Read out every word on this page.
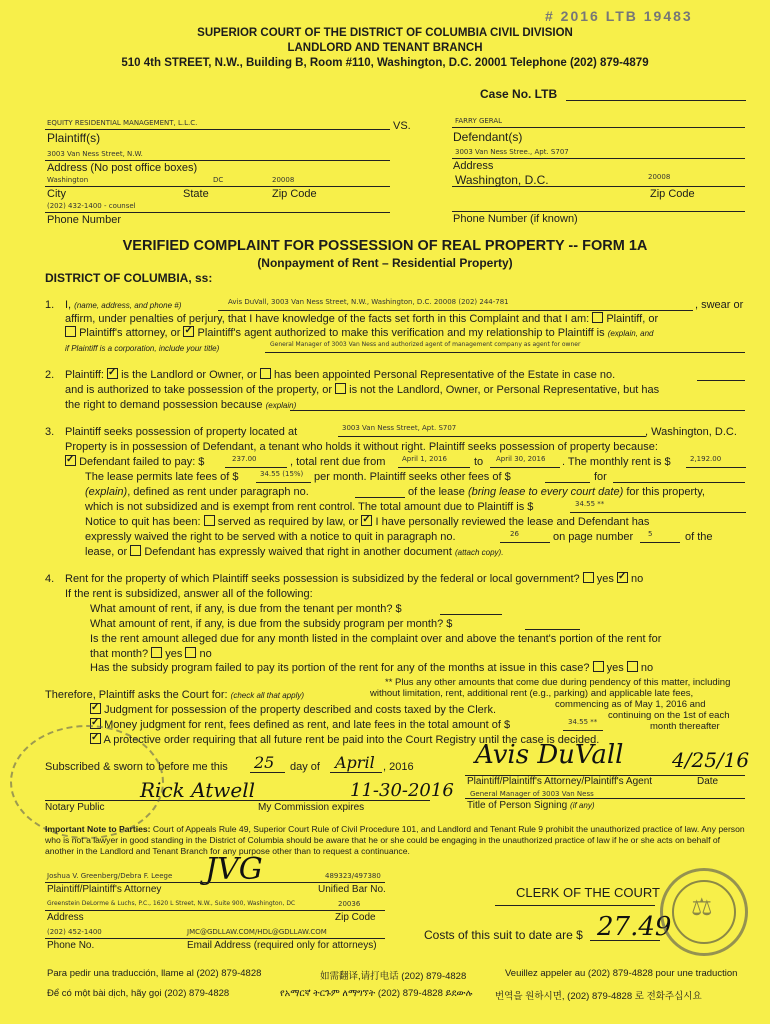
# 2016 LTB 19483
SUPERIOR COURT OF THE DISTRICT OF COLUMBIA CIVIL DIVISION
LANDLORD AND TENANT BRANCH
510 4th STREET, N.W., Building B, Room #110, Washington, D.C. 20001 Telephone (202) 879-4879
Case No. LTB
EQUITY RESIDENTIAL MANAGEMENT, L.L.C.
Plaintiff(s)
3003 Van Ness Street, N.W.
Address (No post office boxes)
Washington	DC	20008
City	State	Zip Code
(202) 432-1400 - counsel
Phone Number
VS.	FARRY GERAL
Defendant(s)
3003 Van Ness Stree., Apt. S707
Address
Washington, D.C.	20008
Zip Code
Phone Number (if known)
VERIFIED COMPLAINT FOR POSSESSION OF REAL PROPERTY -- FORM 1A
(Nonpayment of Rent – Residential Property)
DISTRICT OF COLUMBIA, ss:
1. I, (name, address, and phone #)	Avis DuVall, 3003 Van Ness Street, N.W., Washington, D.C. 20008 (202) 244-781	, swear or
affirm, under penalties of perjury, that I have knowledge of the facts set forth in this Complaint and that I am: Plaintiff, or
Plaintiff's attorney, or ✓ Plaintiff's agent authorized to make this verification and my relationship to Plaintiff is (explain, and
if Plaintiff is a corporation, include your title)	General Manager of 3003 Van Ness and authorized agent of management company as agent for owner
2. Plaintiff: ✓ is the Landlord or Owner, or has been appointed Personal Representative of the Estate in case no.
and is authorized to take possession of the property, or is not the Landlord, Owner, or Personal Representative, but has
the right to demand possession because (explain)
3. Plaintiff seeks possession of property located at	3003 Van Ness Street, Apt. S707	, Washington, D.C.
Property is in possession of Defendant, a tenant who holds it without right. Plaintiff seeks possession of property because:
✓ Defendant failed to pay: $	237.00	, total rent due from April 1, 2016 to April 30, 2016 . The monthly rent is $	2,192.00
The lease permits late fees of $	34.55 (15%) per month. Plaintiff seeks other fees of $	for
(explain), defined as rent under paragraph no.	of the lease (bring lease to every court date) for this property,
which is not subsidized and is exempt from rent control. The total amount due to Plaintiff is $	34.55 **
Notice to quit has been: served as required by law, or ✓ I have personally reviewed the lease and Defendant has
expressly waived the right to be served with a notice to quit in paragraph no.	26	on page number 5	of the
lease, or Defendant has expressly waived that right in another document (attach copy).
4. Rent for the property of which Plaintiff seeks possession is subsidized by the federal or local government? yes ✓ no
If the rent is subsidized, answer all of the following:
What amount of rent, if any, is due from the tenant per month? $
What amount of rent, if any, is due from the subsidy program per month? $
Is the rent amount alleged due for any month listed in the complaint over and above the tenant's portion of the rent for
that month? yes no
Has the subsidy program failed to pay its portion of the rent for any of the months at issue in this case? yes no
** Plus any other amounts that come due during pendency of this matter, including
without limitation, rent, additional rent (e.g., parking) and applicable late fees,
commencing as of May 1, 2016 and
continuing on the 1st of each
month thereafter
Therefore, Plaintiff asks the Court for: (check all that apply)
✓ Judgment for possession of the property described and costs taxed by the Clerk.
✓ Money judgment for rent, fees defined as rent, and late fees in the total amount of $	34.55 **
✓ A protective order requiring that all future rent be paid into the Court Registry until the case is decided.
Subscribed & sworn to before me this 25 day of April , 2016
Rick Atwell	11-30-2016
Notary Public	My Commission expires
Avis DuVall 4/25/16
Plaintiff/Plaintiff's Attorney/Plaintiff's Agent	Date
General Manager of 3003 Van Ness
Title of Person Signing (if any)
Important Note to Parties: Court of Appeals Rule 49, Superior Court Rule of Civil Procedure 101, and Landlord and Tenant Rule 9 prohibit the unauthorized practice of law. Any person who is not a lawyer in good standing in the District of Columbia should be aware that he or she could be engaging in the unauthorized practice of law if he or she acts on behalf of another in the Landlord and Tenant Branch for any purpose other than to request a continuance.
Joshua V. Greenberg/Debra F. Leege	489323/497380
JVG
Plaintiff/Plaintiff's Attorney	Unified Bar No.
Greenstein DeLorme & Luchs, P.C., 1620 L Street, N.W., Suite 900, Washington, DC	20036
Address	Zip Code
(202) 452-1400	JMC@GDLLAW.COM/HDL@GDLLAW.COM
Phone No.	Email Address (required only for attorneys)
CLERK OF THE COURT
Costs of this suit to date are $ 27.49
⚖
Para pedir una traducción, llame al (202) 879-4828	如需翻译,请打电话 (202) 879-4828	Veuillez appeler au (202) 879-4828 pour une traduction
Để có một bài dịch, hãy gọi (202) 879-4828	የአማርኛ ትርጉም ለማግኘት (202) 879-4828 ይደውሉ 번역을 원하시면, (202) 879-4828 로 전화주십시요
